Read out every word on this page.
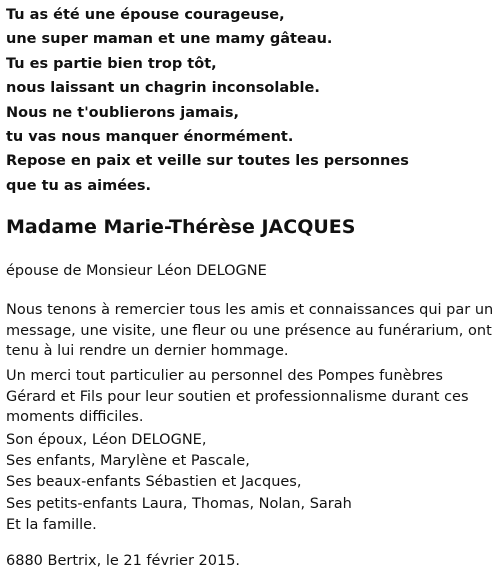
Tu as été une épouse courageuse,
une super maman et une mamy gâteau.
Tu es partie bien trop tôt,
nous laissant un chagrin inconsolable.
Nous ne t'oublierons jamais,
tu vas nous manquer énormément.
Repose en paix et veille sur toutes les personnes
que tu as aimées.
Madame Marie-Thérèse JACQUES
épouse de Monsieur Léon DELOGNE
Nous tenons à remercier tous les amis et connaissances qui par un message, une visite, une fleur ou une présence au funérarium, ont tenu à lui rendre un dernier hommage.
Un merci tout particulier au personnel des Pompes funèbres Gérard et Fils pour leur soutien et professionnalisme durant ces moments difficiles.
Son époux, Léon DELOGNE,
Ses enfants, Marylène et Pascale,
Ses beaux-enfants Sébastien et Jacques,
Ses petits-enfants Laura, Thomas, Nolan, Sarah
Et la famille.
6880 Bertrix, le 21 février 2015.
